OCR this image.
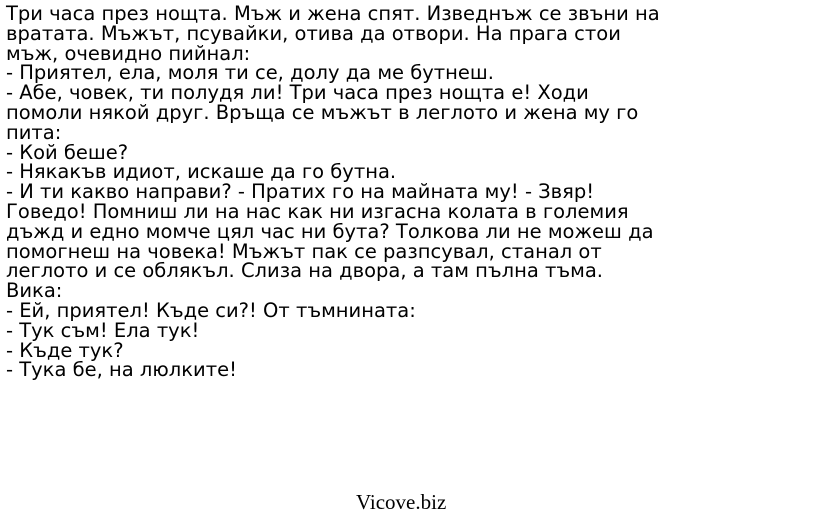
Три часа през нощта. Мъж и жена спят. Изведнъж се звъни на
вратата. Мъжът, псувайки, отива да отвори. На прага стои
мъж, очевидно пийнал:
- Приятел, ела, моля ти се, долу да ме бутнеш.
- Абе, човек, ти полудя ли! Три часа през нощта е! Ходи
помоли някой друг. Връща се мъжът в леглото и жена му го
пита:
- Кой беше?
- Някакъв идиот, искаше да го бутна.
- И ти какво направи? - Пратих го на майната му! - Звяр!
Говедо! Помниш ли на нас как ни изгасна колата в големия
дъжд и едно момче цял час ни бута? Толкова ли не можеш да
помогнеш на човека! Мъжът пак се разпсувал, станал от
леглото и се облякъл. Слиза на двора, а там пълна тъма.
Вика:
- Ей, приятел! Къде си?! От тъмнината:
- Тук съм! Ела тук!
- Къде тук?
- Тука бе, на люлките!
Vicove.biz
